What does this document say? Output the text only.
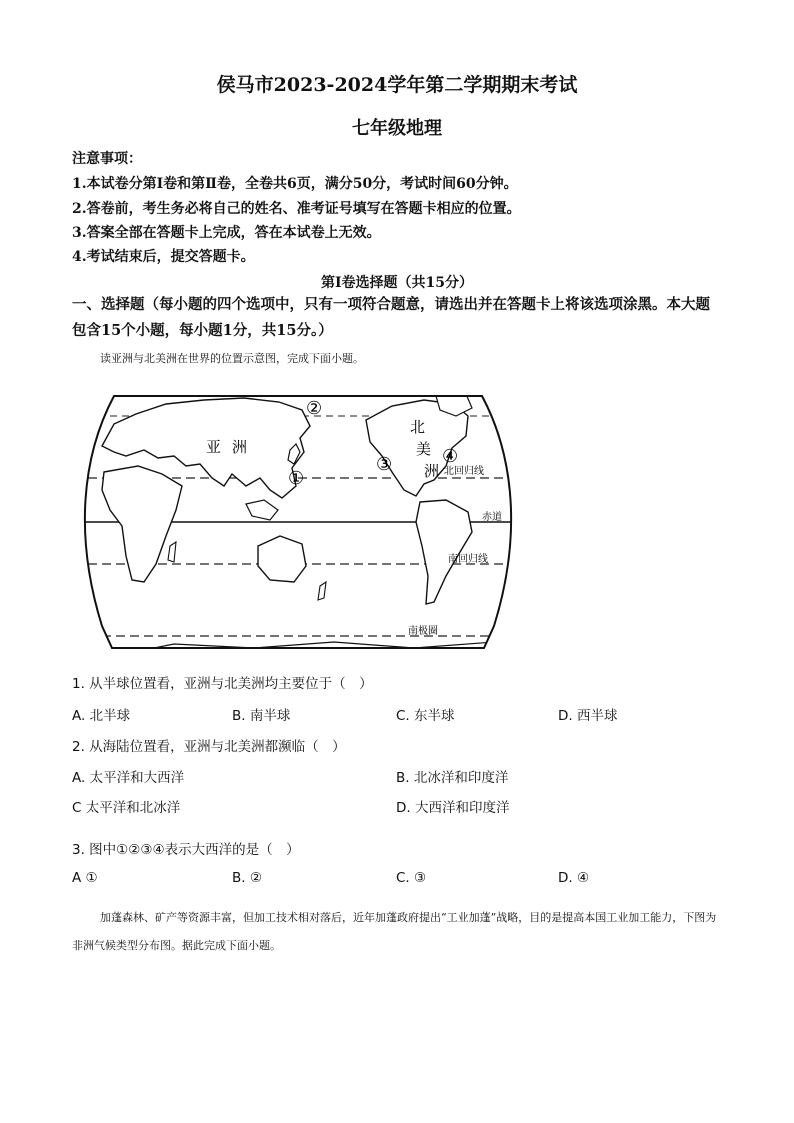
侯马市2023-2024学年第二学期期末考试
七年级地理
注意事项：
1.本试卷分第Ⅰ卷和第Ⅱ卷，全卷共6页，满分50分，考试时间60分钟。
2.答卷前，考生务必将自己的姓名、准考证号填写在答题卡相应的位置。
3.答案全部在答题卡上完成，答在本试卷上无效。
4.考试结束后，提交答题卡。
第Ⅰ卷选择题（共15分）
一、选择题（每小题的四个选项中，只有一项符合题意，请选出并在答题卡上将该选项涂黑。本大题包含15个小题，每小题1分，共15分。）
读亚洲与北美洲在世界的位置示意图，完成下面小题。
亚 洲
北
美
洲
①
②
③	④
北回归线
赤道
南回归线
南极圈
1. 从半球位置看，亚洲与北美洲均主要位于（　）
A. 北半球	B. 南半球	C. 东半球	D. 西半球
2. 从海陆位置看，亚洲与北美洲都濒临（　）
A. 太平洋和大西洋	B. 北冰洋和印度洋
C 太平洋和北冰洋	D. 大西洋和印度洋
3. 图中①②③④表示大西洋的是（　）
A ①	B. ②	C. ③	D. ④
加蓬森林、矿产等资源丰富，但加工技术相对落后，近年加蓬政府提出“工业加蓬”战略，目的是提高本国工业加工能力，下图为非洲气候类型分布图。据此完成下面小题。
